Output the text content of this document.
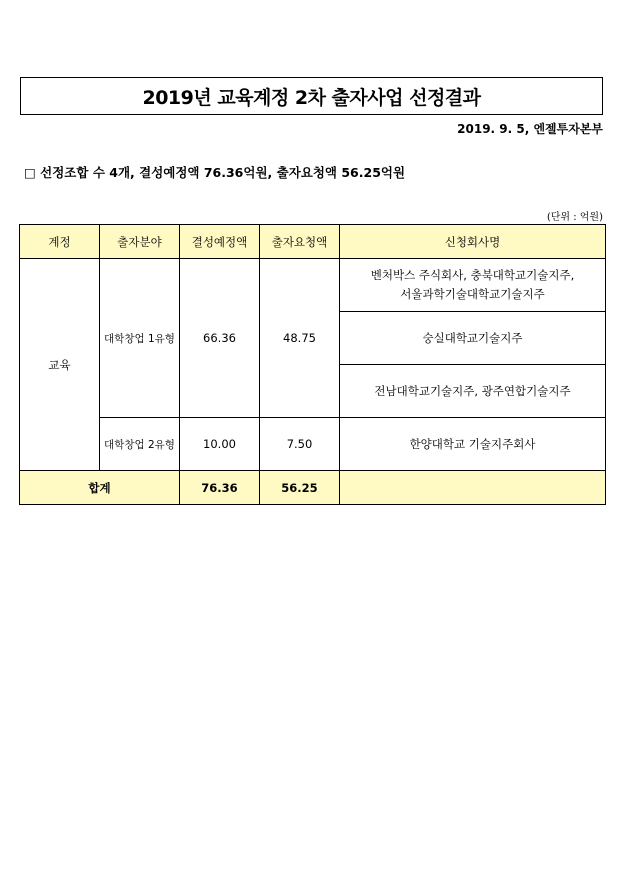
2019년 교육계정 2차 출자사업 선정결과
2019. 9. 5, 엔젤투자본부
□ 선정조합 수 4개, 결성예정액 76.36억원, 출자요청액 56.25억원
(단위 : 억원)
계정	출자분야	결성예정액	출자요청액	신청회사명
교육	대학창업 1유형	66.36	48.75	벤처박스 주식회사, 충북대학교기술지주,
서울과학기술대학교기술지주

				숭실대학교기술지주

				전남대학교기술지주, 광주연합기술지주

	대학창업 2유형	10.00	7.50	한양대학교 기술지주회사

합계		76.36	56.25	
